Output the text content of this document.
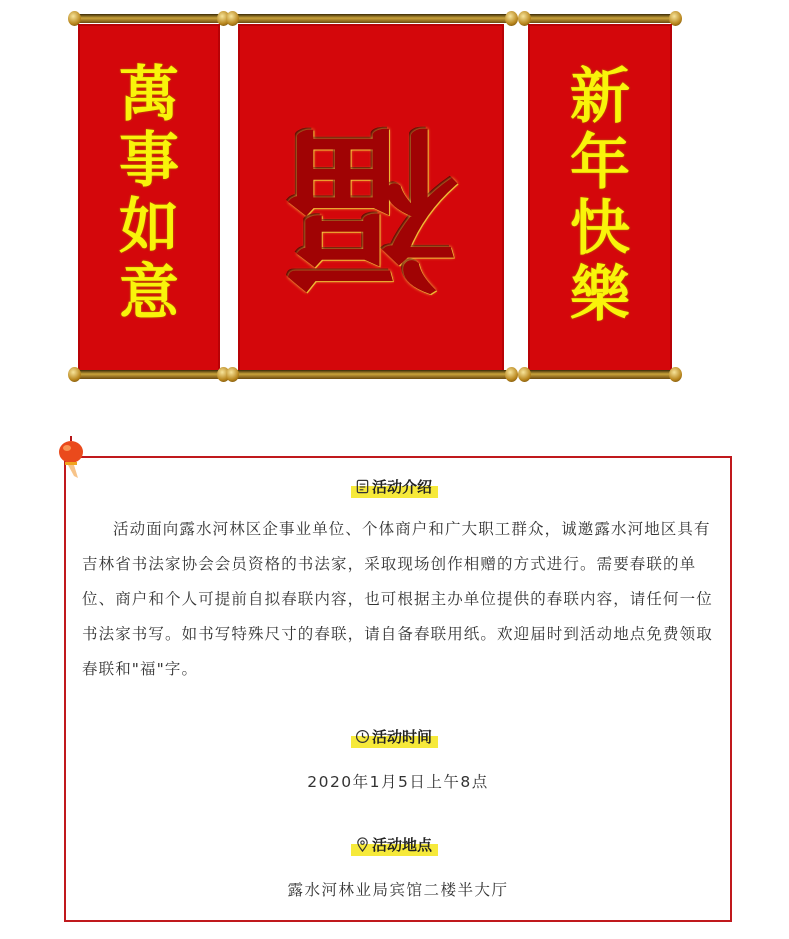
萬
事
如
意 福
新
年
快
樂
活动介绍

活动面向露水河林区企事业单位、个体商户和广大职工群众，诚邀露水河地区具有吉林省书法家协会会员资格的书法家，采取现场创作相赠的方式进行。需要春联的单位、商户和个人可提前自拟春联内容，也可根据主办单位提供的春联内容，请任何一位书法家书写。如书写特殊尺寸的春联，请自备春联用纸。欢迎届时到活动地点免费领取春联和"福"字。

活动时间
2020年1月5日上午8点
活动地点
露水河林业局宾馆二楼半大厅
